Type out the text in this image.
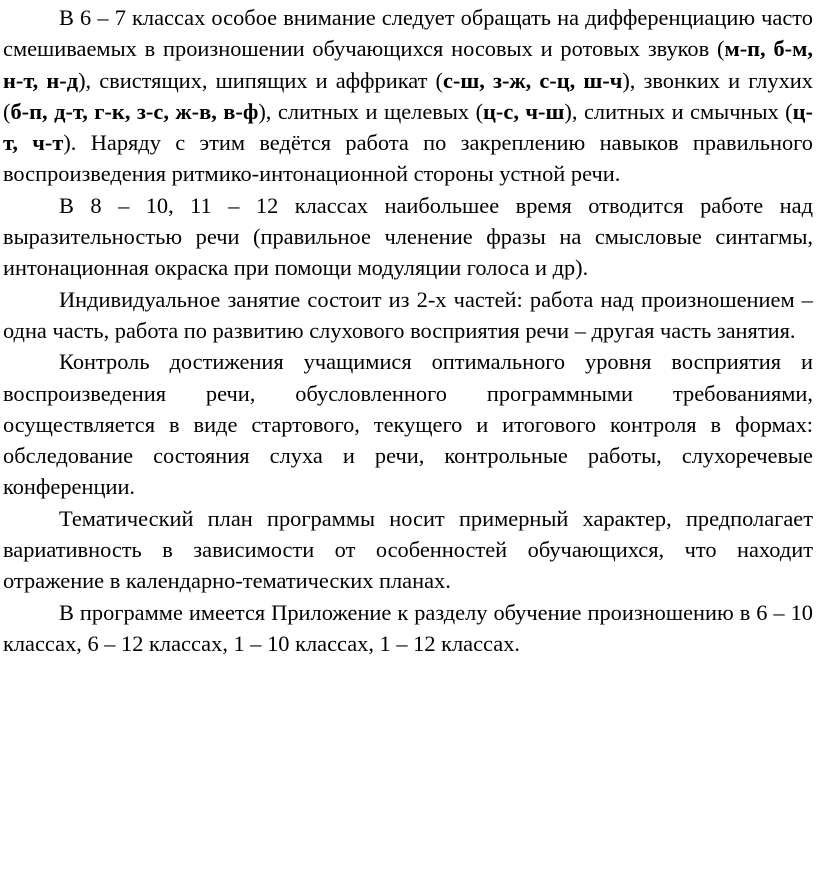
В 6 – 7 классах особое внимание следует обращать на дифференциацию часто смешиваемых в произношении обучающихся носовых и ротовых звуков (м-п, б-м, н-т, н-д), свистящих, шипящих и аффрикат (с-ш, з-ж, с-ц, ш-ч), звонких и глухих (б-п, д-т, г-к, з-с, ж-в, в-ф), слитных и щелевых (ц-с, ч-ш), слитных и смычных (ц-т, ч-т). Наряду с этим ведётся работа по закреплению навыков правильного воспроизведения ритмико-интонационной стороны устной речи.

В 8 – 10, 11 – 12 классах наибольшее время отводится работе над выразительностью речи (правильное членение фразы на смысловые синтагмы, интонационная окраска при помощи модуляции голоса и др).

Индивидуальное занятие состоит из 2-х частей: работа над произношением – одна часть, работа по развитию слухового восприятия речи – другая часть занятия.

Контроль достижения учащимися оптимального уровня восприятия и воспроизведения речи, обусловленного программными требованиями, осуществляется в виде стартового, текущего и итогового контроля в формах: обследование состояния слуха и речи, контрольные работы, слухоречевые конференции.

Тематический план программы носит примерный характер, предполагает вариативность в зависимости от особенностей обучающихся, что находит отражение в календарно-тематических планах.

В программе имеется Приложение к разделу обучение произношению в 6 – 10 классах, 6 – 12 классах, 1 – 10 классах, 1 – 12 классах.
